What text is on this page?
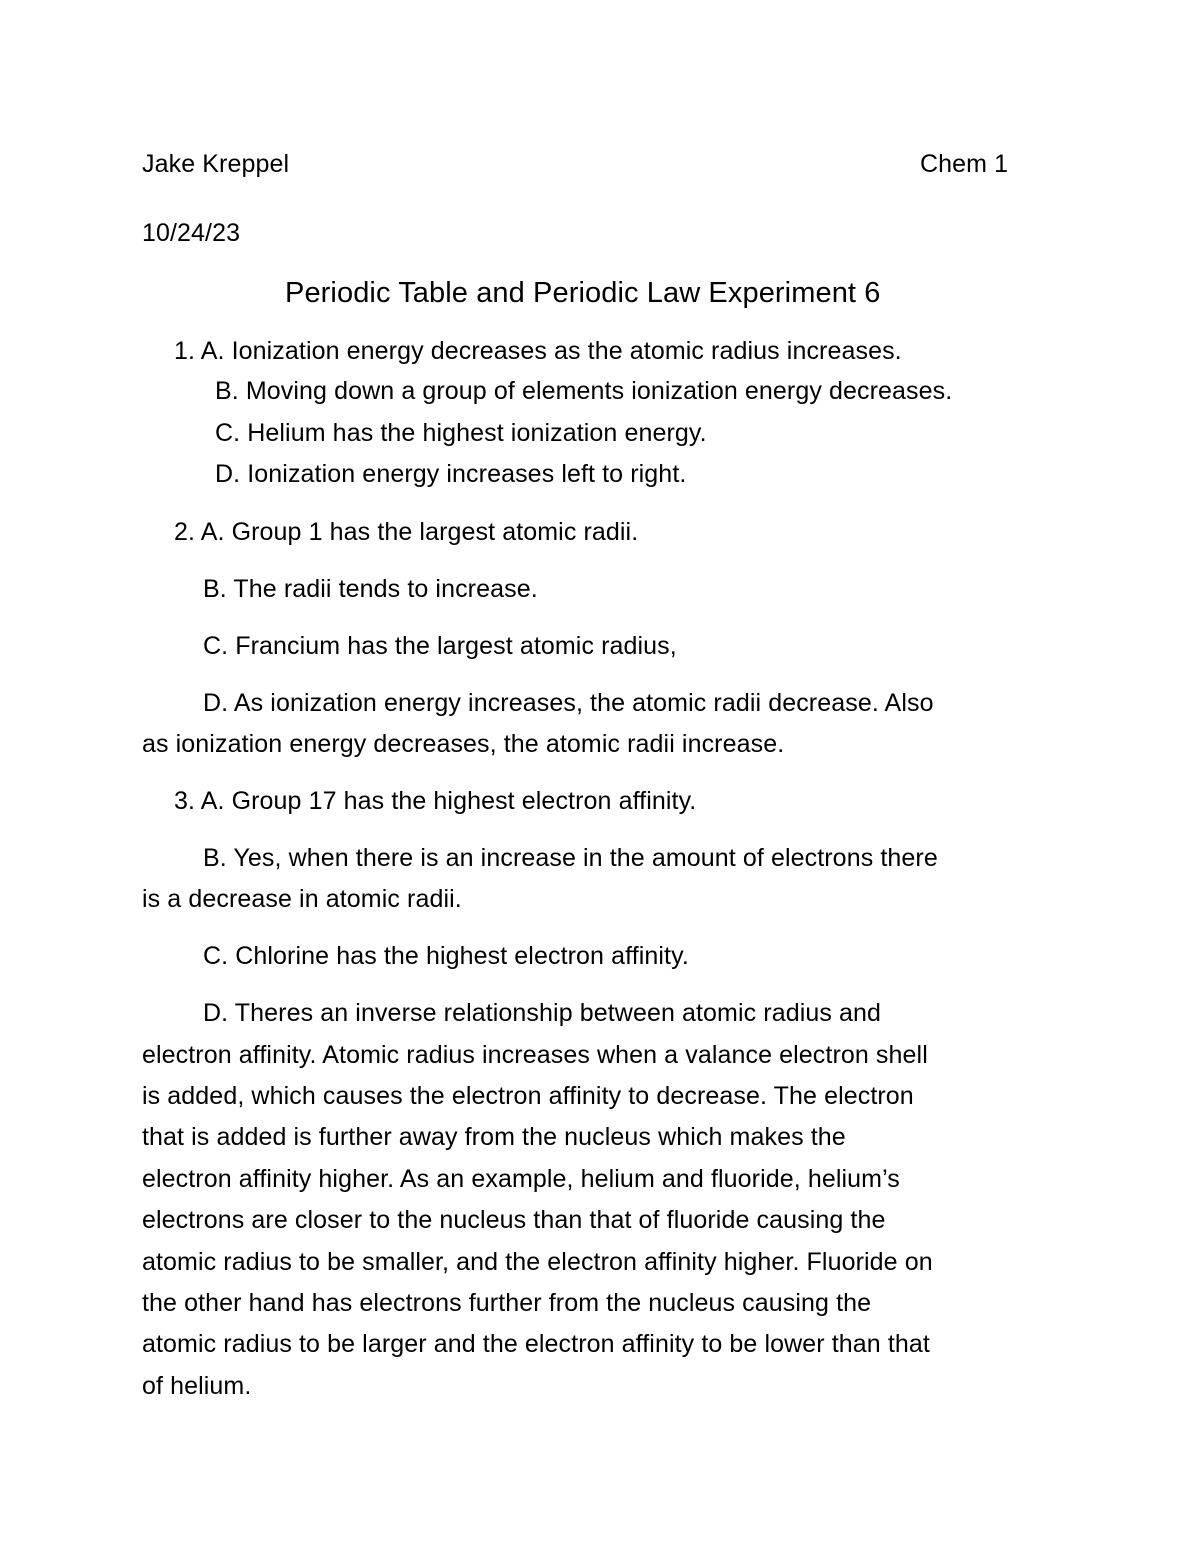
Jake Kreppel	Chem 1
10/24/23
Periodic Table and Periodic Law Experiment 6
1. A. Ionization energy decreases as the atomic radius increases.
B. Moving down a group of elements ionization energy decreases.
C. Helium has the highest ionization energy.
D. Ionization energy increases left to right.
2. A. Group 1 has the largest atomic radii.
B. The radii tends to increase.
C. Francium has the largest atomic radius,
D. As ionization energy increases, the atomic radii decrease. Also
as ionization energy decreases, the atomic radii increase.
3. A. Group 17 has the highest electron affinity.
B. Yes, when there is an increase in the amount of electrons there
is a decrease in atomic radii.
C. Chlorine has the highest electron affinity.
D. Theres an inverse relationship between atomic radius and
electron affinity. Atomic radius increases when a valance electron shell
is added, which causes the electron affinity to decrease. The electron
that is added is further away from the nucleus which makes the
electron affinity higher. As an example, helium and fluoride, helium’s
electrons are closer to the nucleus than that of fluoride causing the
atomic radius to be smaller, and the electron affinity higher. Fluoride on
the other hand has electrons further from the nucleus causing the
atomic radius to be larger and the electron affinity to be lower than that
of helium.
